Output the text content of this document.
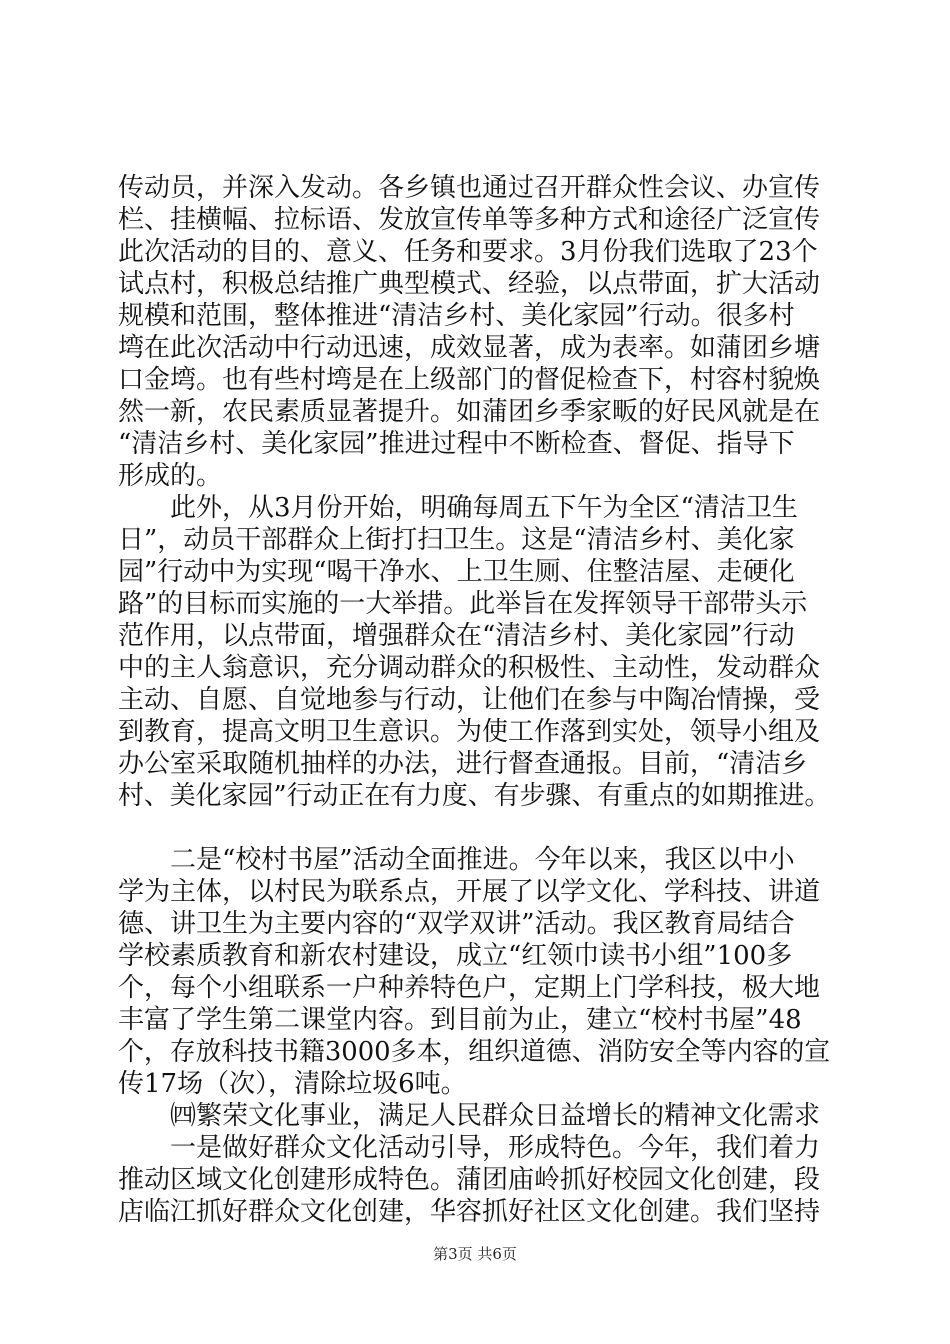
传动员，并深入发动。各乡镇也通过召开群众性会议、办宣传
栏、挂横幅、拉标语、发放宣传单等多种方式和途径广泛宣传
此次活动的目的、意义、任务和要求。3月份我们选取了23个
试点村，积极总结推广典型模式、经验，以点带面，扩大活动
规模和范围，整体推进“清洁乡村、美化家园”行动。很多村
塆在此次活动中行动迅速，成效显著，成为表率。如蒲团乡塘
口金塆。也有些村塆是在上级部门的督促检查下，村容村貌焕
然一新，农民素质显著提升。如蒲团乡季家畈的好民风就是在
“清洁乡村、美化家园”推进过程中不断检查、督促、指导下
形成的。
　　此外，从3月份开始，明确每周五下午为全区“清洁卫生
日”，动员干部群众上街打扫卫生。这是“清洁乡村、美化家
园”行动中为实现“喝干净水、上卫生厕、住整洁屋、走硬化
路”的目标而实施的一大举措。此举旨在发挥领导干部带头示
范作用，以点带面，增强群众在“清洁乡村、美化家园”行动
中的主人翁意识，充分调动群众的积极性、主动性，发动群众
主动、自愿、自觉地参与行动，让他们在参与中陶冶情操，受
到教育，提高文明卫生意识。为使工作落到实处，领导小组及
办公室采取随机抽样的办法，进行督查通报。目前，“清洁乡
村、美化家园”行动正在有力度、有步骤、有重点的如期推进。
　　二是“校村书屋”活动全面推进。今年以来，我区以中小
学为主体，以村民为联系点，开展了以学文化、学科技、讲道
德、讲卫生为主要内容的“双学双讲”活动。我区教育局结合
学校素质教育和新农村建设，成立“红领巾读书小组”100多
个，每个小组联系一户种养特色户，定期上门学科技，极大地
丰富了学生第二课堂内容。到目前为止，建立“校村书屋”48
个，存放科技书籍3000多本，组织道德、消防安全等内容的宣
传17场（次），清除垃圾6吨。
　　㈣繁荣文化事业，满足人民群众日益增长的精神文化需求
　　一是做好群众文化活动引导，形成特色。今年，我们着力
推动区域文化创建形成特色。蒲团庙岭抓好校园文化创建，段
店临江抓好群众文化创建，华容抓好社区文化创建。我们坚持
第3页 共6页
